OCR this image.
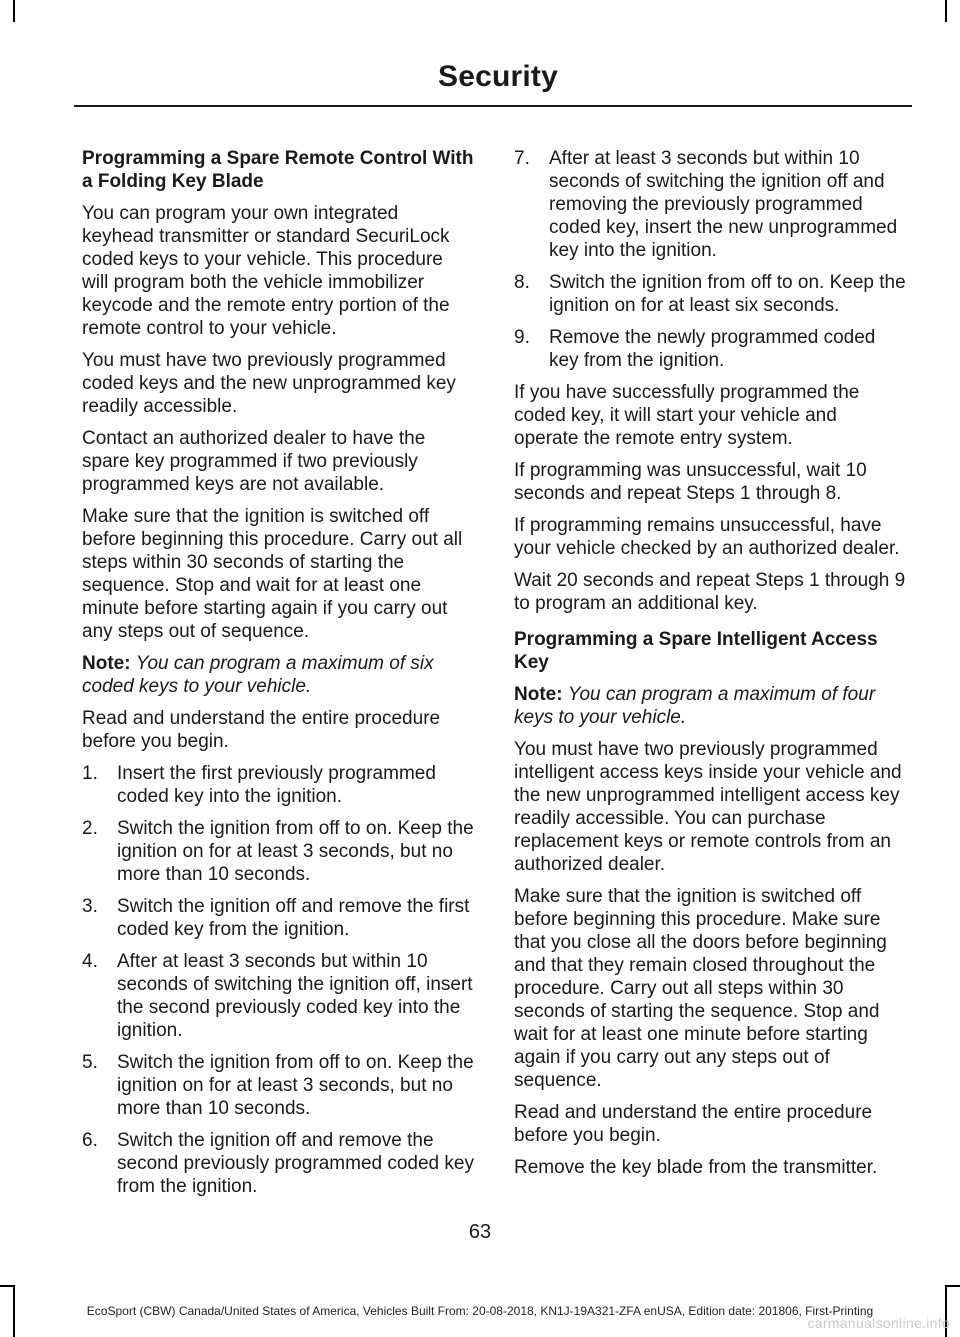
Security
Programming a Spare Remote Control With a Folding Key Blade
You can program your own integrated keyhead transmitter or standard SecuriLock coded keys to your vehicle. This procedure will program both the vehicle immobilizer keycode and the remote entry portion of the remote control to your vehicle.
You must have two previously programmed coded keys and the new unprogrammed key readily accessible.
Contact an authorized dealer to have the spare key programmed if two previously programmed keys are not available.
Make sure that the ignition is switched off before beginning this procedure. Carry out all steps within 30 seconds of starting the sequence. Stop and wait for at least one minute before starting again if you carry out any steps out of sequence.
Note: You can program a maximum of six coded keys to your vehicle.
Read and understand the entire procedure before you begin.
1. Insert the first previously programmed coded key into the ignition.
2. Switch the ignition from off to on. Keep the ignition on for at least 3 seconds, but no more than 10 seconds.
3. Switch the ignition off and remove the first coded key from the ignition.
4. After at least 3 seconds but within 10 seconds of switching the ignition off, insert the second previously coded key into the ignition.
5. Switch the ignition from off to on. Keep the ignition on for at least 3 seconds, but no more than 10 seconds.
6. Switch the ignition off and remove the second previously programmed coded key from the ignition.
7. After at least 3 seconds but within 10 seconds of switching the ignition off and removing the previously programmed coded key, insert the new unprogrammed key into the ignition.
8. Switch the ignition from off to on. Keep the ignition on for at least six seconds.
9. Remove the newly programmed coded key from the ignition.
If you have successfully programmed the coded key, it will start your vehicle and operate the remote entry system.
If programming was unsuccessful, wait 10 seconds and repeat Steps 1 through 8.
If programming remains unsuccessful, have your vehicle checked by an authorized dealer.
Wait 20 seconds and repeat Steps 1 through 9 to program an additional key.
Programming a Spare Intelligent Access Key
Note: You can program a maximum of four keys to your vehicle.
You must have two previously programmed intelligent access keys inside your vehicle and the new unprogrammed intelligent access key readily accessible. You can purchase replacement keys or remote controls from an authorized dealer.
Make sure that the ignition is switched off before beginning this procedure. Make sure that you close all the doors before beginning and that they remain closed throughout the procedure. Carry out all steps within 30 seconds of starting the sequence. Stop and wait for at least one minute before starting again if you carry out any steps out of sequence.
Read and understand the entire procedure before you begin.
Remove the key blade from the transmitter.
63
EcoSport (CBW) Canada/United States of America, Vehicles Built From: 20-08-2018, KN1J-19A321-ZFA enUSA, Edition date: 201806, First-Printing
carmanualsonline.info
